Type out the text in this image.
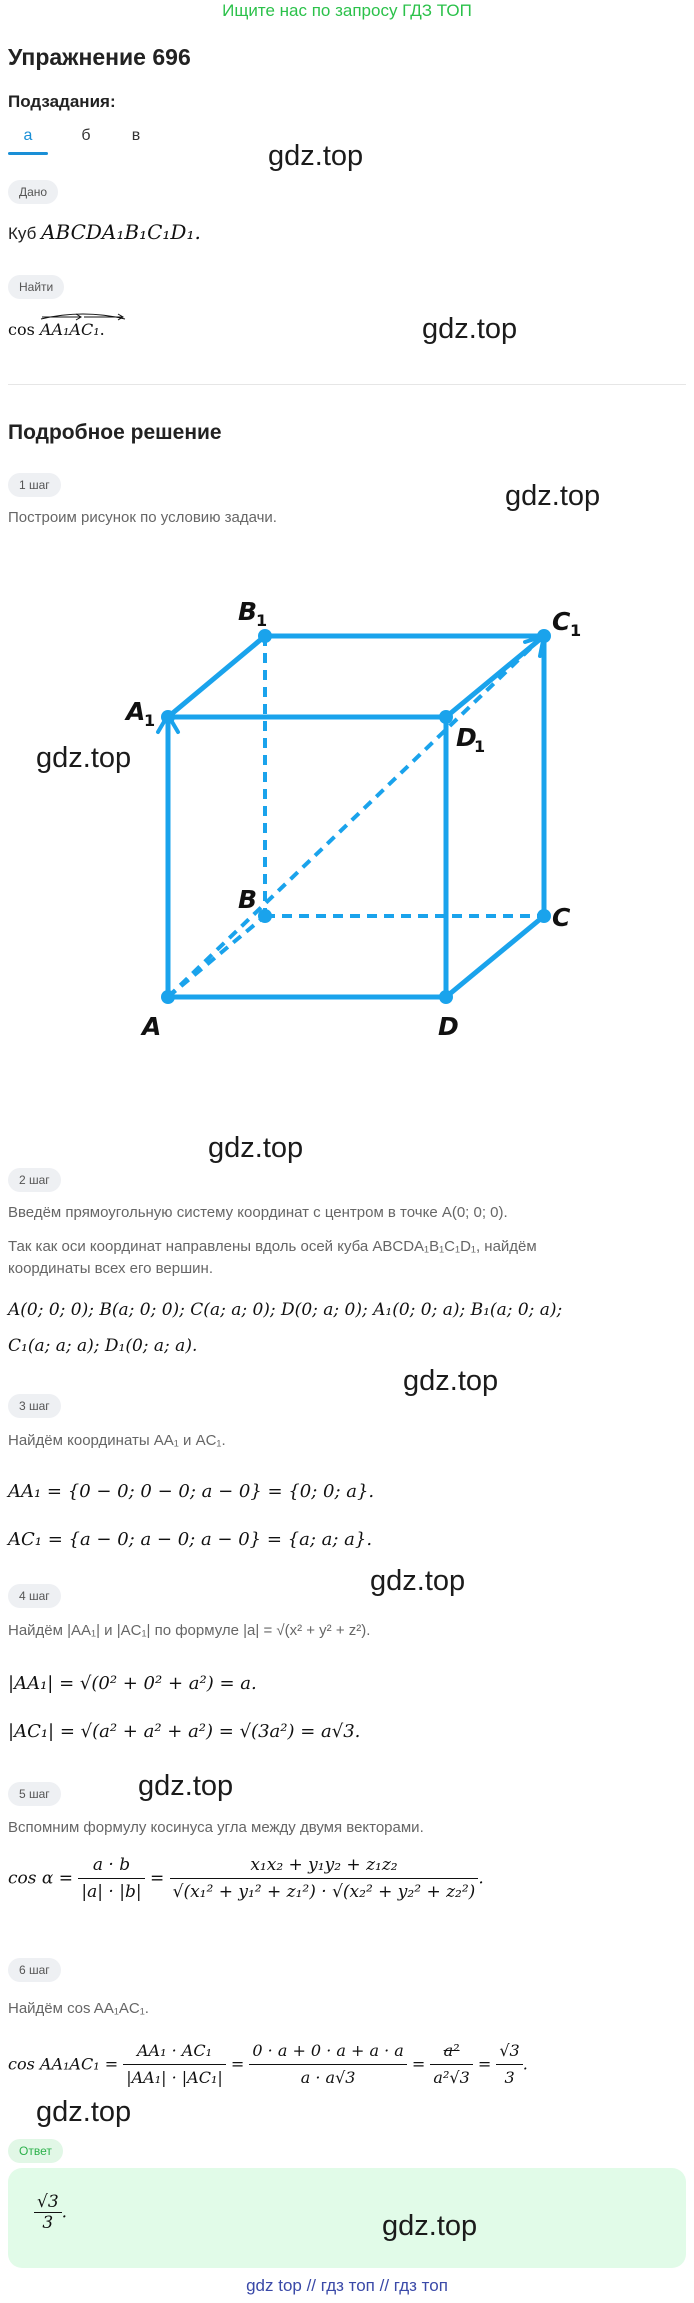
Ищите нас по запросу ГДЗ ТОП
Упражнение 696
Подзадания:
а	б	в
Дано
Куб ABCDA₁B₁C₁D₁.
Найти
cos
AA₁AC₁.
gdz.top
gdz.top
Подробное решение
1 шаг
Построим рисунок по условию задачи.
gdz.top
A	D
C
B
A
1
D
1
B
1	C 1
gdz.top
gdz.top
2 шаг
Введём прямоугольную систему координат с центром в точке A(0; 0; 0).
Так как оси координат направлены вдоль осей куба ABCDA₁B₁C₁D₁, найдём координаты всех его вершин.
A(0; 0; 0); B(a; 0; 0); C(a; a; 0); D(0; a; 0); A₁(0; 0; a); B₁(a; 0; a);
C₁(a; a; a); D₁(0; a; a).
gdz.top
3 шаг
Найдём координаты AA₁ и AC₁.
AA₁ = {0 − 0; 0 − 0; a − 0} = {0; 0; a}.
AC₁ = {a − 0; a − 0; a − 0} = {a; a; a}.
gdz.top
4 шаг
Найдём |AA₁| и |AC₁| по формуле |a| = √(x² + y² + z²).
|AA₁| = √(0² + 0² + a²) = a.
|AC₁| = √(a² + a² + a²) = √(3a²) = a√3.
gdz.top
5 шаг
Вспомним формулу косинуса угла между двумя векторами.
$\cos \alpha = \frac{a \cdot b}{|a| \cdot |b|} = \frac{\text{x₁x₂ + y₁y₂ + z₁z₂}}{\text{√(x₁² + y₁² + z₁²) · √(x₂² + y₂² + z₂²)}}$ .
6 шаг
Найдём cos AA₁AC₁.
$\cos AA_1AC_1 = \frac{\text{AA₁ · AC₁}}{\text{|AA₁| · |AC₁|}} = \frac{0 \cdot a + 0 \cdot a + a \cdot a}{a \cdot a√3} = \frac{\text{a²}}{\text{a²√3}} = \frac{√3}{3}$ .
gdz.top
Ответ
$\frac{√3}{3}$ .	gdz.top
gdz top // гдз топ // гдз топ
